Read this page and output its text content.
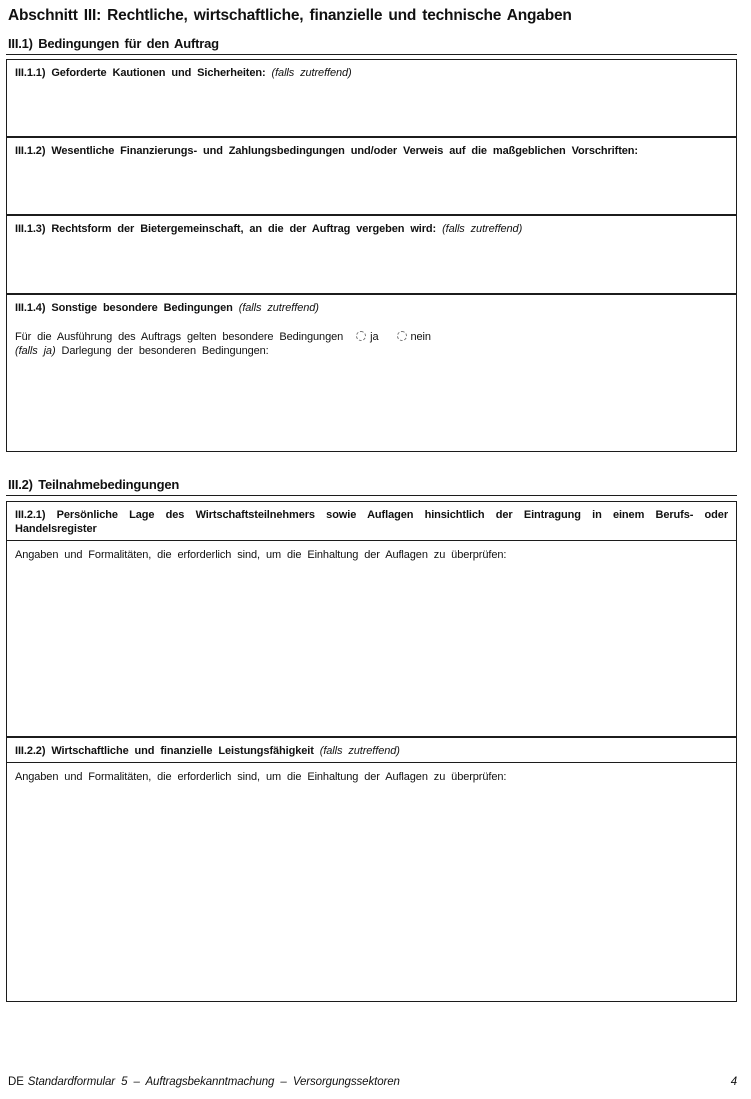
Abschnitt III: Rechtliche, wirtschaftliche, finanzielle und technische Angaben
III.1) Bedingungen für den Auftrag
III.1.1) Geforderte Kautionen und Sicherheiten: (falls zutreffend)
III.1.2) Wesentliche Finanzierungs- und Zahlungsbedingungen und/oder Verweis auf die maßgeblichen Vorschriften:
III.1.3) Rechtsform der Bietergemeinschaft, an die der Auftrag vergeben wird: (falls zutreffend)
III.1.4) Sonstige besondere Bedingungen (falls zutreffend)
Für die Ausführung des Auftrags gelten besondere Bedingungen ja	nein
(falls ja) Darlegung der besonderen Bedingungen:
III.2) Teilnahmebedingungen
III.2.1) Persönliche Lage des Wirtschaftsteilnehmers sowie Auflagen hinsichtlich der Eintragung in einem Berufs- oder Handelsregister
Angaben und Formalitäten, die erforderlich sind, um die Einhaltung der Auflagen zu überprüfen:
III.2.2) Wirtschaftliche und finanzielle Leistungsfähigkeit (falls zutreffend)
Angaben und Formalitäten, die erforderlich sind, um die Einhaltung der Auflagen zu überprüfen:
DE Standardformular 5 – Auftragsbekanntmachung – Versorgungssektoren	4
